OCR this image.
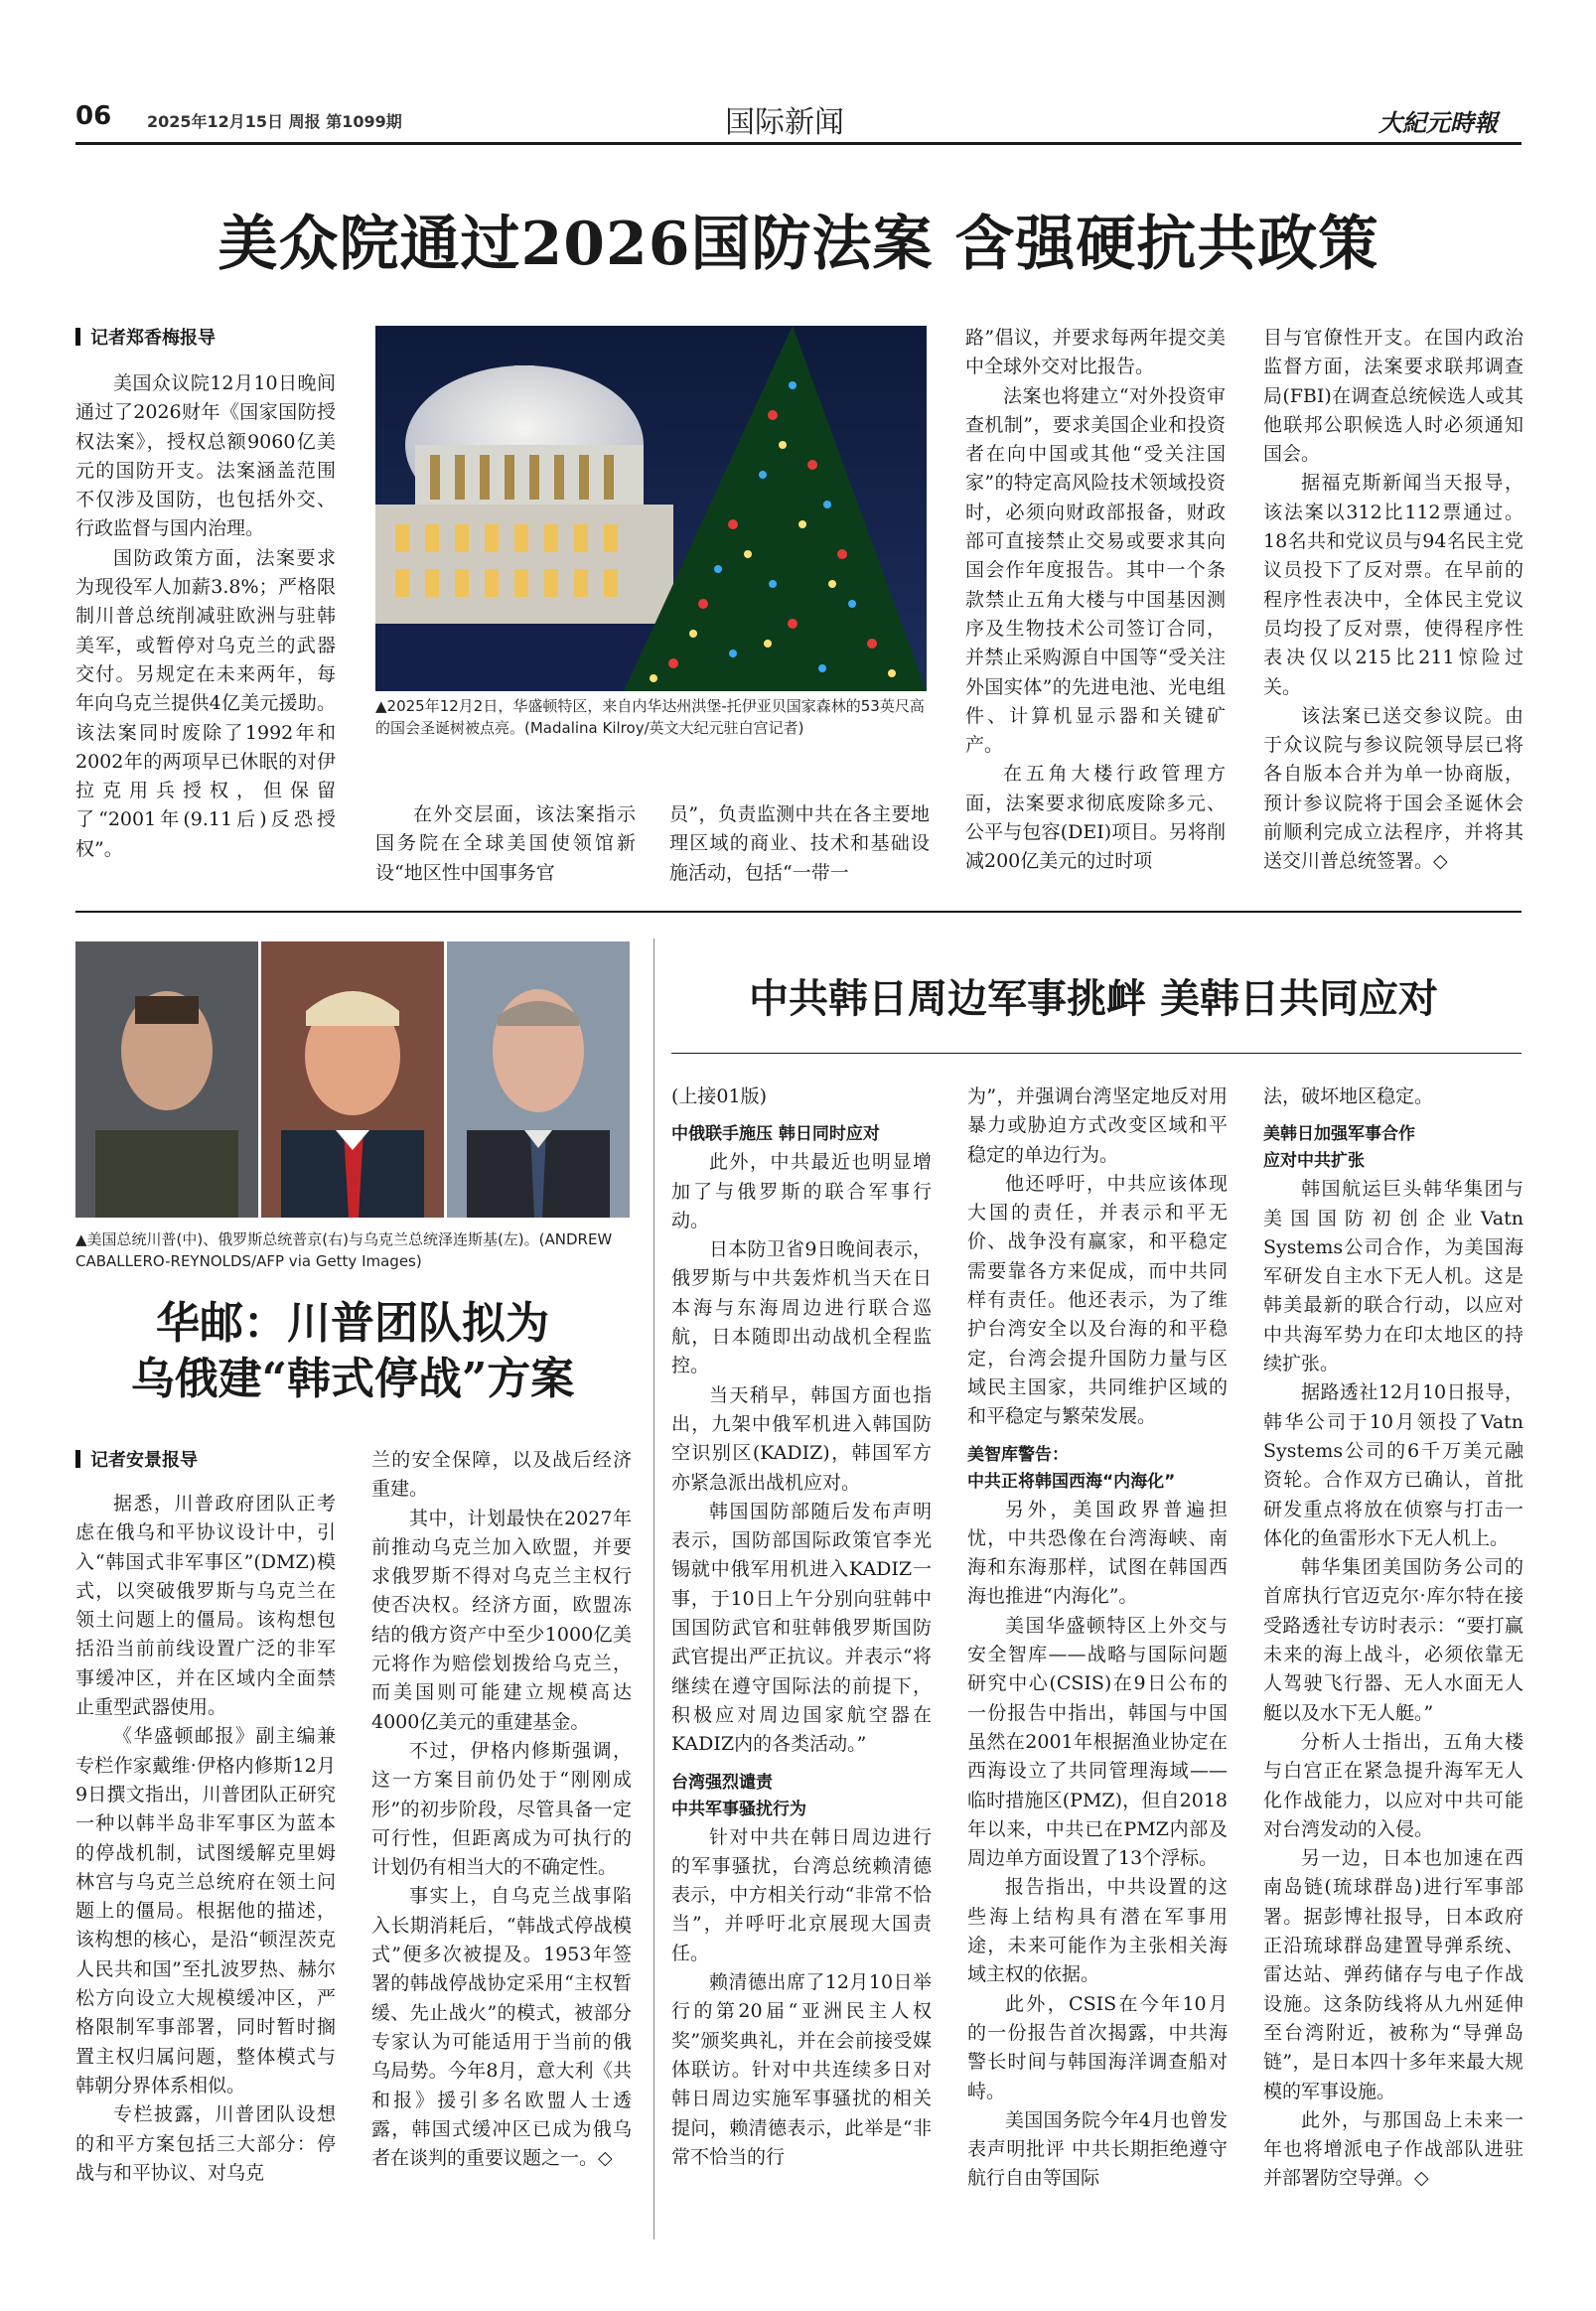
06 2025年12月15日 周报 第1099期	国际新闻	大紀元時報
美众院通过2026国防法案 含强硬抗共政策
记者郑香梅报导
▲2025年12月2日，华盛顿特区，来自内华达州洪堡-托伊亚贝国家森林的53英尺高的国会圣诞树被点亮。(Madalina Kilroy/英文大纪元驻白宫记者)

美国众议院12月10日晚间通过了2026财年《国家国防授权法案》，授权总额9060亿美元的国防开支。法案涵盖范围不仅涉及国防，也包括外交、行政监督与国内治理。

国防政策方面，法案要求为现役军人加薪3.8%；严格限制川普总统削减驻欧洲与驻韩美军，或暂停对乌克兰的武器交付。另规定在未来两年，每年向乌克兰提供4亿美元援助。该法案同时废除了1992年和2002年的两项早已休眠的对伊拉克用兵授权，但保留了“2001年(9.11后)反恐授权”。

在外交层面，该法案指示国务院在全球美国使领馆新设“地区性中国事务官

员”，负责监测中共在各主要地理区域的商业、技术和基础设施活动，包括“一带一

路”倡议，并要求每两年提交美中全球外交对比报告。

法案也将建立“对外投资审查机制”，要求美国企业和投资者在向中国或其他“受关注国家”的特定高风险技术领域投资时，必须向财政部报备，财政部可直接禁止交易或要求其向国会作年度报告。其中一个条款禁止五角大楼与中国基因测序及生物技术公司签订合同，并禁止采购源自中国等“受关注外国实体”的先进电池、光电组件、计算机显示器和关键矿产。

在五角大楼行政管理方面，法案要求彻底废除多元、公平与包容(DEI)项目。另将削减200亿美元的过时项

目与官僚性开支。在国内政治监督方面，法案要求联邦调查局(FBI)在调查总统候选人或其他联邦公职候选人时必须通知国会。

据福克斯新闻当天报导，该法案以312比112票通过。18名共和党议员与94名民主党议员投下了反对票。在早前的程序性表决中，全体民主党议员均投了反对票，使得程序性表决仅以215比211惊险过关。

该法案已送交参议院。由于众议院与参议院领导层已将各自版本合并为单一协商版，预计参议院将于国会圣诞休会前顺利完成立法程序，并将其送交川普总统签署。◇

▲美国总统川普(中)、俄罗斯总统普京(右)与乌克兰总统泽连斯基(左)。(ANDREW CABALLERO-REYNOLDS/AFP via Getty Images)
华邮：川普团队拟为
乌俄建“韩式停战”方案
记者安景报导

据悉，川普政府团队正考虑在俄乌和平协议设计中，引入“韩国式非军事区”(DMZ)模式，以突破俄罗斯与乌克兰在领土问题上的僵局。该构想包括沿当前前线设置广泛的非军事缓冲区，并在区域内全面禁止重型武器使用。

《华盛顿邮报》副主编兼专栏作家戴维·伊格内修斯12月9日撰文指出，川普团队正研究一种以韩半岛非军事区为蓝本的停战机制，试图缓解克里姆林宫与乌克兰总统府在领土问题上的僵局。根据他的描述，该构想的核心，是沿“顿涅茨克人民共和国”至扎波罗热、赫尔松方向设立大规模缓冲区，严格限制军事部署，同时暂时搁置主权归属问题，整体模式与韩朝分界体系相似。

专栏披露，川普团队设想的和平方案包括三大部分：停战与和平协议、对乌克

兰的安全保障，以及战后经济重建。

其中，计划最快在2027年前推动乌克兰加入欧盟，并要求俄罗斯不得对乌克兰主权行使否决权。经济方面，欧盟冻结的俄方资产中至少1000亿美元将作为赔偿划拨给乌克兰，而美国则可能建立规模高达4000亿美元的重建基金。

不过，伊格内修斯强调，这一方案目前仍处于“刚刚成形”的初步阶段，尽管具备一定可行性，但距离成为可执行的计划仍有相当大的不确定性。

事实上，自乌克兰战事陷入长期消耗后，“韩战式停战模式”便多次被提及。1953年签署的韩战停战协定采用“主权暂缓、先止战火”的模式，被部分专家认为可能适用于当前的俄乌局势。今年8月，意大利《共和报》援引多名欧盟人士透露，韩国式缓冲区已成为俄乌者在谈判的重要议题之一。◇

中共韩日周边军事挑衅 美韩日共同应对

(上接01版)

中俄联手施压 韩日同时应对

此外，中共最近也明显增加了与俄罗斯的联合军事行动。

日本防卫省9日晚间表示，俄罗斯与中共轰炸机当天在日本海与东海周边进行联合巡航，日本随即出动战机全程监控。

当天稍早，韩国方面也指出，九架中俄军机进入韩国防空识别区(KADIZ)，韩国军方亦紧急派出战机应对。

韩国国防部随后发布声明表示，国防部国际政策官李光锡就中俄军用机进入KADIZ一事，于10日上午分别向驻韩中国国防武官和驻韩俄罗斯国防武官提出严正抗议。并表示“将继续在遵守国际法的前提下，积极应对周边国家航空器在KADIZ内的各类活动。”

台湾强烈谴责

中共军事骚扰行为

针对中共在韩日周边进行的军事骚扰，台湾总统赖清德表示，中方相关行动“非常不恰当”，并呼吁北京展现大国责任。

赖清德出席了12月10日举行的第20届“亚洲民主人权奖”颁奖典礼，并在会前接受媒体联访。针对中共连续多日对韩日周边实施军事骚扰的相关提问，赖清德表示，此举是“非常不恰当的行

为”，并强调台湾坚定地反对用暴力或胁迫方式改变区域和平稳定的单边行为。

他还呼吁，中共应该体现大国的责任，并表示和平无价、战争没有赢家，和平稳定需要靠各方来促成，而中共同样有责任。他还表示，为了维护台湾安全以及台海的和平稳定，台湾会提升国防力量与区域民主国家，共同维护区域的和平稳定与繁荣发展。

美智库警告：

中共正将韩国西海“内海化”

另外，美国政界普遍担忧，中共恐像在台湾海峡、南海和东海那样，试图在韩国西海也推进“内海化”。

美国华盛顿特区上外交与安全智库——战略与国际问题研究中心(CSIS)在9日公布的一份报告中指出，韩国与中国虽然在2001年根据渔业协定在西海设立了共同管理海域——临时措施区(PMZ)，但自2018年以来，中共已在PMZ内部及周边单方面设置了13个浮标。

报告指出，中共设置的这些海上结构具有潜在军事用途，未来可能作为主张相关海域主权的依据。

此外，CSIS在今年10月的一份报告首次揭露，中共海警长时间与韩国海洋调查船对峙。

美国国务院今年4月也曾发表声明批评 中共长期拒绝遵守航行自由等国际

法，破坏地区稳定。

美韩日加强军事合作

应对中共扩张

韩国航运巨头韩华集团与美国国防初创企业Vatn Systems公司合作，为美国海军研发自主水下无人机。这是韩美最新的联合行动，以应对中共海军势力在印太地区的持续扩张。

据路透社12月10日报导，韩华公司于10月领投了Vatn Systems公司的6千万美元融资轮。合作双方已确认，首批研发重点将放在侦察与打击一体化的鱼雷形水下无人机上。

韩华集团美国防务公司的首席执行官迈克尔·库尔特在接受路透社专访时表示：“要打赢未来的海上战斗，必须依靠无人驾驶飞行器、无人水面无人艇以及水下无人艇。”

分析人士指出，五角大楼与白宫正在紧急提升海军无人化作战能力，以应对中共可能对台湾发动的入侵。

另一边，日本也加速在西南岛链(琉球群岛)进行军事部署。据彭博社报导，日本政府正沿琉球群岛建置导弹系统、雷达站、弹药储存与电子作战设施。这条防线将从九州延伸至台湾附近，被称为“导弹岛链”，是日本四十多年来最大规模的军事设施。

此外，与那国岛上未来一年也将增派电子作战部队进驻并部署防空导弹。◇
